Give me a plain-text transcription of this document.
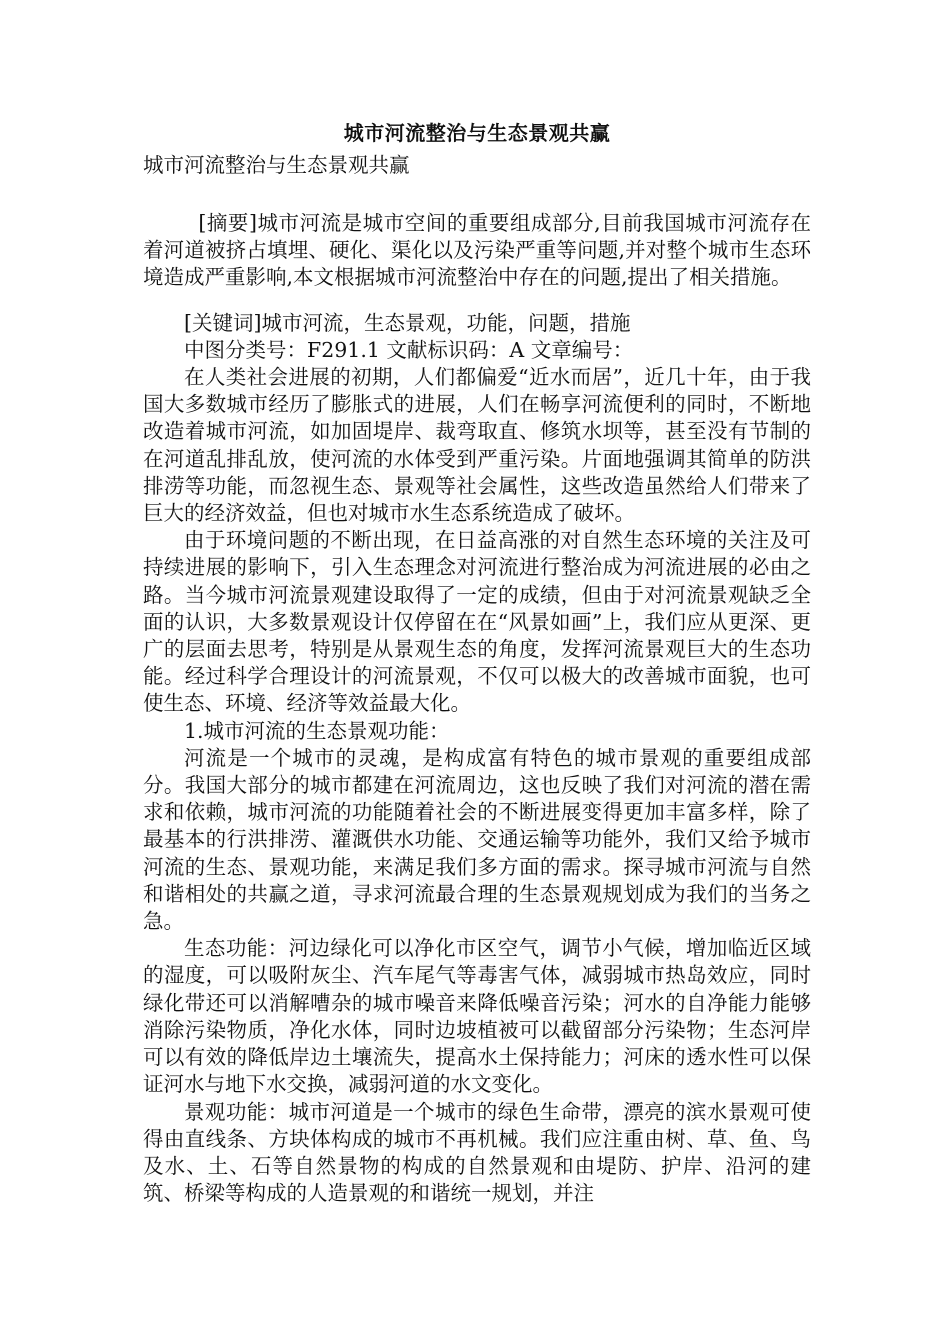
城市河流整治与生态景观共赢
城市河流整治与生态景观共赢

[摘要]城市河流是城市空间的重要组成部分,目前我国城市河流存在着河道被挤占填埋、硬化、渠化以及污染严重等问题,并对整个城市生态环境造成严重影响,本文根据城市河流整治中存在的问题,提出了相关措施。

[关键词]城市河流，生态景观，功能，问题，措施

中图分类号：F291.1 文献标识码：A 文章编号：

在人类社会进展的初期，人们都偏爱“近水而居”，近几十年，由于我国大多数城市经历了膨胀式的进展，人们在畅享河流便利的同时，不断地改造着城市河流，如加固堤岸、裁弯取直、修筑水坝等，甚至没有节制的在河道乱排乱放，使河流的水体受到严重污染。片面地强调其简单的防洪排涝等功能，而忽视生态、景观等社会属性，这些改造虽然给人们带来了巨大的经济效益，但也对城市水生态系统造成了破坏。

由于环境问题的不断出现，在日益高涨的对自然生态环境的关注及可持续进展的影响下，引入生态理念对河流进行整治成为河流进展的必由之路。当今城市河流景观建设取得了一定的成绩，但由于对河流景观缺乏全面的认识，大多数景观设计仅停留在在“风景如画”上，我们应从更深、更广的层面去思考，特别是从景观生态的角度，发挥河流景观巨大的生态功能。经过科学合理设计的河流景观，不仅可以极大的改善城市面貌，也可使生态、环境、经济等效益最大化。

1.城市河流的生态景观功能：

河流是一个城市的灵魂，是构成富有特色的城市景观的重要组成部分。我国大部分的城市都建在河流周边，这也反映了我们对河流的潜在需求和依赖，城市河流的功能随着社会的不断进展变得更加丰富多样，除了最基本的行洪排涝、灌溉供水功能、交通运输等功能外，我们又给予城市河流的生态、景观功能，来满足我们多方面的需求。探寻城市河流与自然和谐相处的共赢之道，寻求河流最合理的生态景观规划成为我们的当务之急。

生态功能：河边绿化可以净化市区空气，调节小气候，增加临近区域的湿度，可以吸附灰尘、汽车尾气等毒害气体，减弱城市热岛效应，同时绿化带还可以消解嘈杂的城市噪音来降低噪音污染；河水的自净能力能够消除污染物质，净化水体，同时边坡植被可以截留部分污染物；生态河岸可以有效的降低岸边土壤流失，提高水土保持能力；河床的透水性可以保证河水与地下水交换，减弱河道的水文变化。

景观功能：城市河道是一个城市的绿色生命带，漂亮的滨水景观可使得由直线条、方块体构成的城市不再机械。我们应注重由树、草、鱼、鸟及水、土、石等自然景物的构成的自然景观和由堤防、护岸、沿河的建筑、桥梁等构成的人造景观的和谐统一规划，并注
